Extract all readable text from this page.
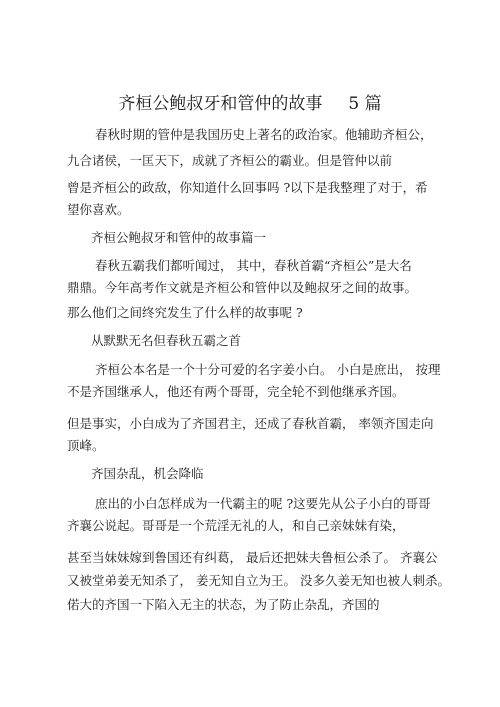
齐桓公鲍叔牙和管仲的故事 5 篇
春秋时期的管仲是我国历史上著名的政治家。他辅助齐桓公，
九合诸侯，一匡天下，成就了齐桓公的霸业。但是管仲以前
曾是齐桓公的政敌，你知道什么回事吗 ?以下是我整理了对于，希
望你喜欢。
齐桓公鲍叔牙和管仲的故事篇一
春秋五霸我们都听闻过， 其中，春秋首霸“齐桓公”是大名
鼎鼎。今年高考作文就是齐桓公和管仲以及鲍叔牙之间的故事。
那么他们之间终究发生了什么样的故事呢 ?
从默默无名但春秋五霸之首
齐桓公本名是一个十分可爱的名字姜小白。 小白是庶出， 按理
不是齐国继承人，他还有两个哥哥，完全轮不到他继承齐国。
但是事实，小白成为了齐国君主，还成了春秋首霸， 率领齐国走向
顶峰。
齐国杂乱，机会降临
庶出的小白怎样成为一代霸主的呢 ?这要先从公子小白的哥哥
齐襄公说起。哥哥是一个荒淫无礼的人，和自己亲妹妹有染，
甚至当妹妹嫁到鲁国还有纠葛， 最后还把妹夫鲁桓公杀了。 齐襄公
又被堂弟姜无知杀了， 姜无知自立为王。 没多久姜无知也被人刺杀。
偌大的齐国一下陷入无主的状态，为了防止杂乱，齐国的
